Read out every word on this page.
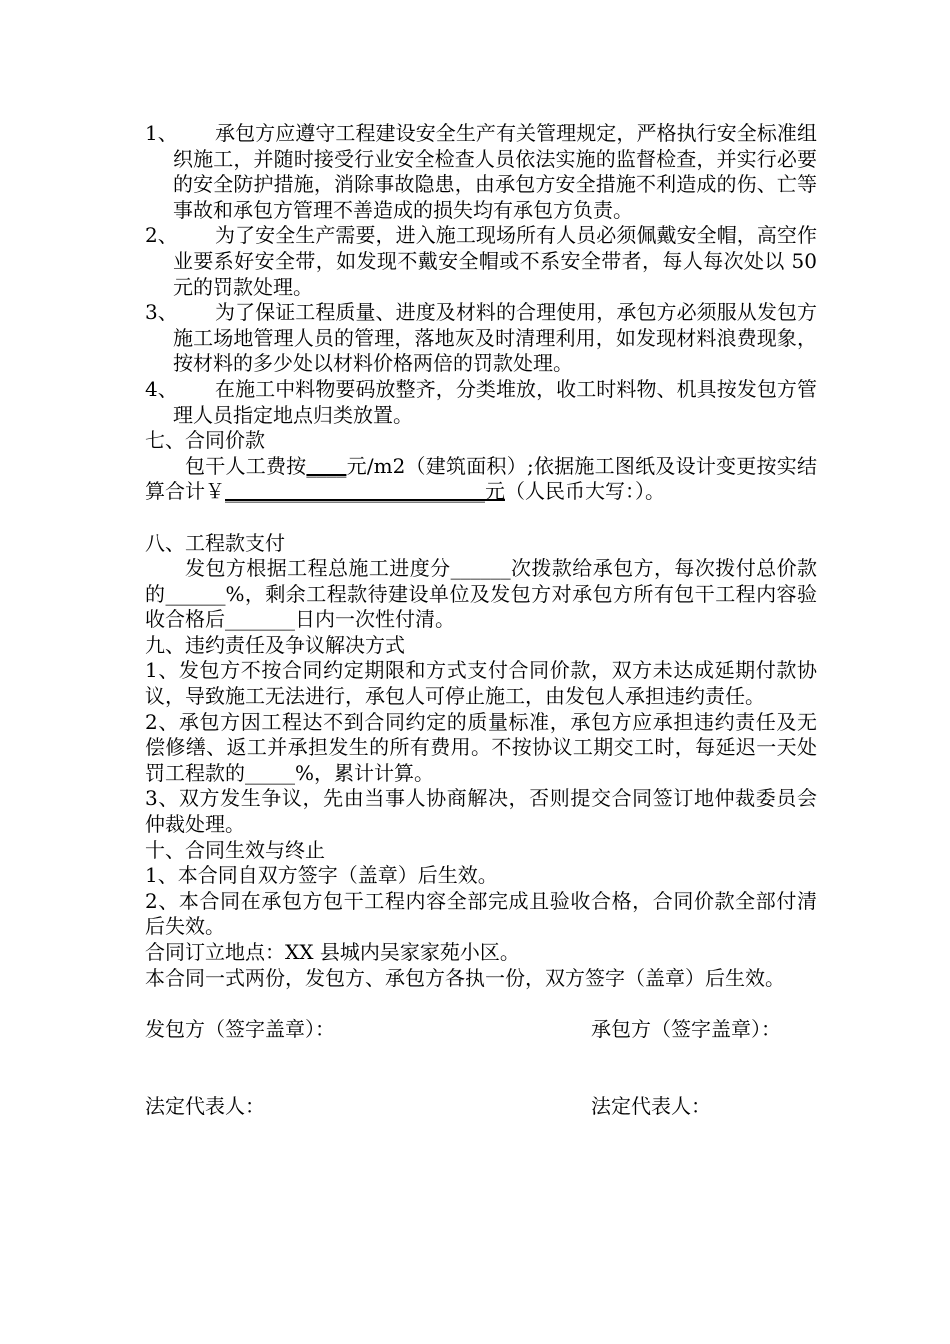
1、	承包方应遵守工程建设安全生产有关管理规定，严格执行安全标准组织施工，并随时接受行业安全检查人员依法实施的监督检查，并实行必要的安全防护措施，消除事故隐患，由承包方安全措施不利造成的伤、亡等事故和承包方管理不善造成的损失均有承包方负责。
2、	为了安全生产需要，进入施工现场所有人员必须佩戴安全帽，高空作业要系好安全带，如发现不戴安全帽或不系安全带者，每人每次处以 50 元的罚款处理。
3、	为了保证工程质量、进度及材料的合理使用，承包方必须服从发包方施工场地管理人员的管理，落地灰及时清理利用，如发现材料浪费现象，按材料的多少处以材料价格两倍的罚款处理。
4、	在施工中料物要码放整齐，分类堆放，收工时料物、机具按发包方管理人员指定地点归类放置。
七、合同价款
包干人工费按____元/m2（建筑面积）;依据施工图纸及设计变更按实结算合计￥__________________________元（人民币大写：）。
八、工程款支付
发包方根据工程总施工进度分______次拨款给承包方，每次拨付总价款的______%，剩余工程款待建设单位及发包方对承包方所有包干工程内容验收合格后_______日内一次性付清。
九、违约责任及争议解决方式
1、发包方不按合同约定期限和方式支付合同价款，双方未达成延期付款协议，导致施工无法进行，承包人可停止施工，由发包人承担违约责任。
2、承包方因工程达不到合同约定的质量标准，承包方应承担违约责任及无偿修缮、返工并承担发生的所有费用。不按协议工期交工时，每延迟一天处罚工程款的_____%，累计计算。
3、双方发生争议，先由当事人协商解决，否则提交合同签订地仲裁委员会仲裁处理。
十、合同生效与终止
1、本合同自双方签字（盖章）后生效。
2、本合同在承包方包干工程内容全部完成且验收合格，合同价款全部付清后失效。
合同订立地点：XX 县城内吴家家苑小区。
本合同一式两份，发包方、承包方各执一份，双方签字（盖章）后生效。
发包方（签字盖章）：	承包方（签字盖章）：
法定代表人：	法定代表人：
